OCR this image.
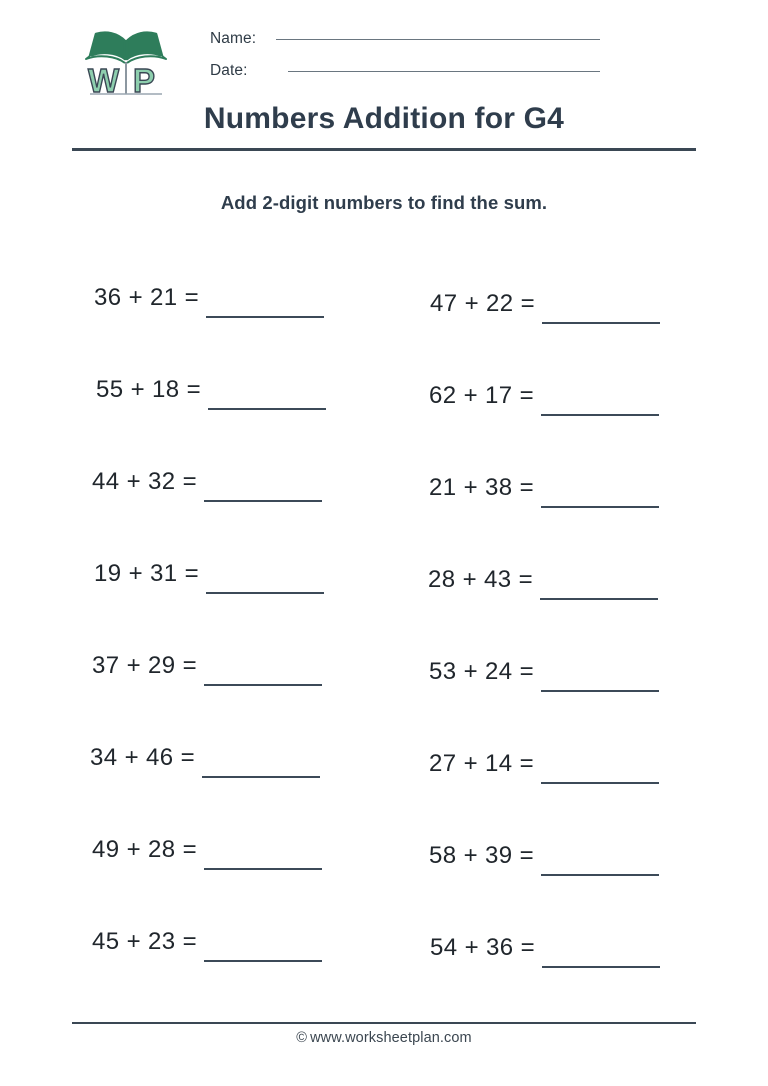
W P
Name:
Date:
Numbers Addition for G4
Add 2-digit numbers to find the sum.
36 + 21 =
55 + 18 =
44 + 32 =
19 + 31 =
37 + 29 =
34 + 46 =
49 + 28 =
45 + 23 =
47 + 22 =
62 + 17 =
21 + 38 =
28 + 43 =
53 + 24 =
27 + 14 =
58 + 39 =
54 + 36 =
© www.worksheetplan.com
